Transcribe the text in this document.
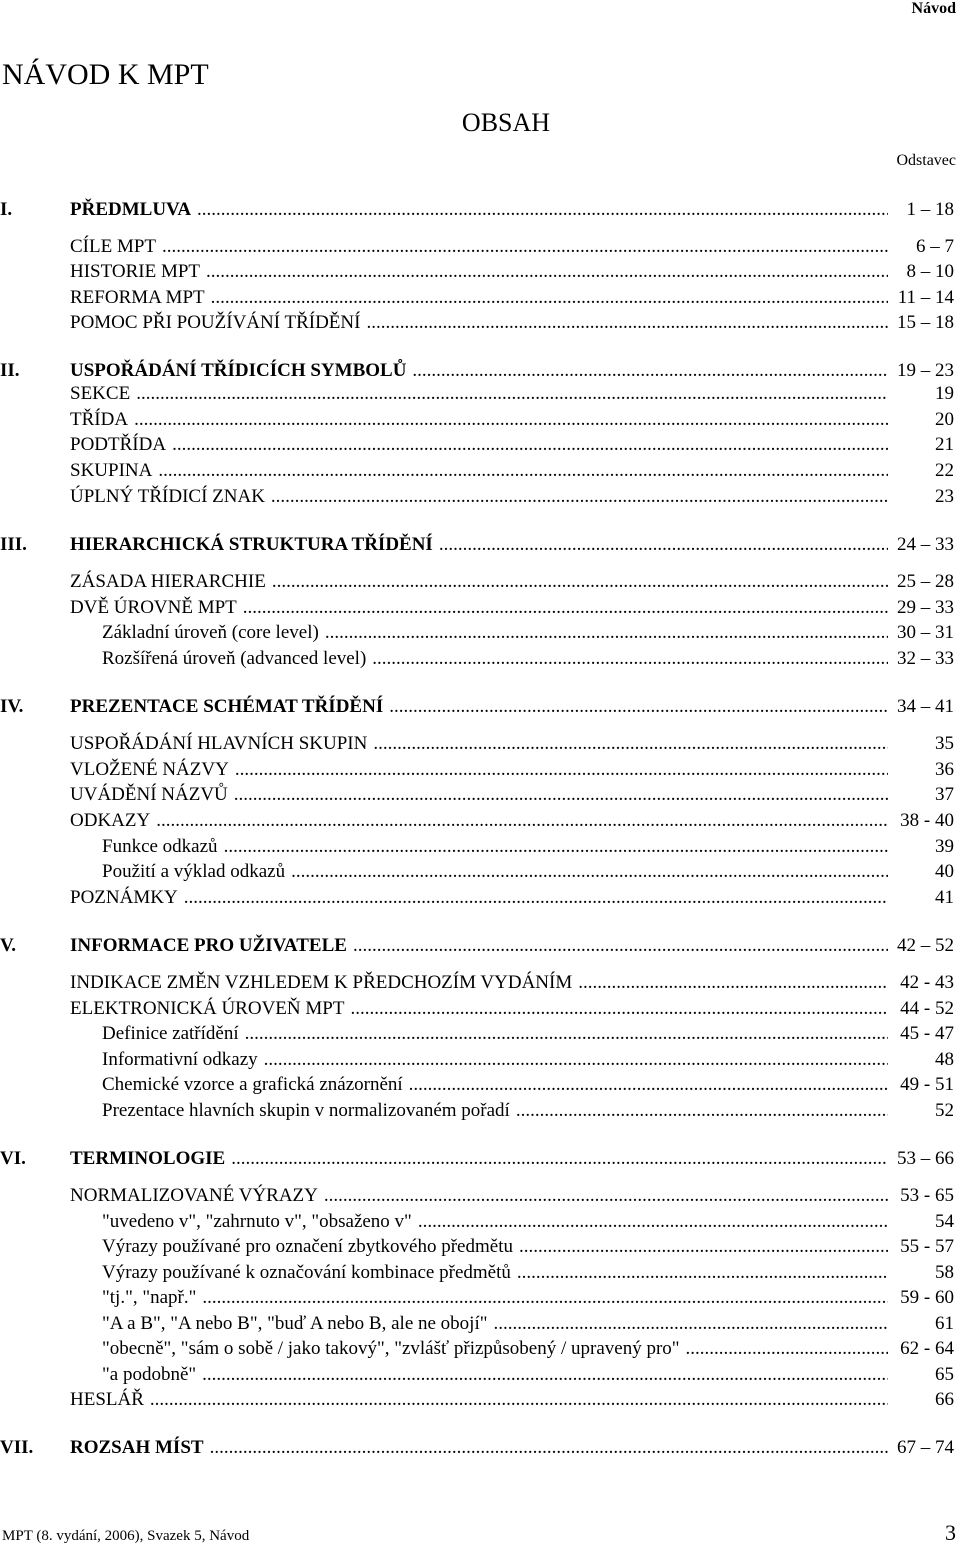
Návod
NÁVOD K MPT
OBSAH
Odstavec
I.	PŘEDMLUVA .....	1 – 18
CÍLE MPT .....	6 – 7
HISTORIE MPT .....	8 – 10
REFORMA MPT .....	11 – 14
POMOC PŘI POUŽÍVÁNÍ TŘÍDĚNÍ .....	15 – 18
II.	USPOŘÁDÁNÍ TŘÍDICÍCH SYMBOLŮ .....	19 – 23
SEKCE .....	19
TŘÍDA .....	20
PODTŘÍDA .....	21
SKUPINA .....	22
ÚPLNÝ TŘÍDICÍ ZNAK .....	23
III.	HIERARCHICKÁ STRUKTURA TŘÍDĚNÍ .....	24 – 33
ZÁSADA HIERARCHIE .....	25 – 28
DVĚ ÚROVNĚ MPT .....	29 – 33
Základní úroveň (core level) .....	30 – 31
Rozšířená úroveň (advanced level) .....	32 – 33
IV.	PREZENTACE SCHÉMAT TŘÍDĚNÍ .....	34 – 41
USPOŘÁDÁNÍ HLAVNÍCH SKUPIN .....	35
VLOŽENÉ NÁZVY .....	36
UVÁDĚNÍ NÁZVŮ .....	37
ODKAZY .....	38 - 40
Funkce odkazů .....	39
Použití a výklad odkazů .....	40
POZNÁMKY .....	41
V.	INFORMACE PRO UŽIVATELE .....	42 – 52
INDIKACE ZMĚN VZHLEDEM K PŘEDCHOZÍM VYDÁNÍM .....	42 - 43
ELEKTRONICKÁ ÚROVEŇ MPT .....	44 - 52
Definice zatřídění .....	45 - 47
Informativní odkazy .....	48
Chemické vzorce a grafická znázornění .....	49 - 51
Prezentace hlavních skupin v normalizovaném pořadí .....	52
VI.	TERMINOLOGIE .....	53 – 66
NORMALIZOVANÉ VÝRAZY .....	53 - 65
"uvedeno v", "zahrnuto v", "obsaženo v" .....	54
Výrazy používané pro označení zbytkového předmětu .....	55 - 57
Výrazy používané k označování kombinace předmětů .....	58
"tj.", "např." .....	59 - 60
"A a B", "A nebo B", "buď A nebo B, ale ne obojí" .....	61
"obecně", "sám o sobě / jako takový", "zvlášť přizpůsobený / upravený pro" .....	62 - 64
"a podobně" .....	65
HESLÁŘ .....	66
VII.	ROZSAH MÍST .....	67 – 74
MPT (8. vydání, 2006), Svazek 5, Návod	3
